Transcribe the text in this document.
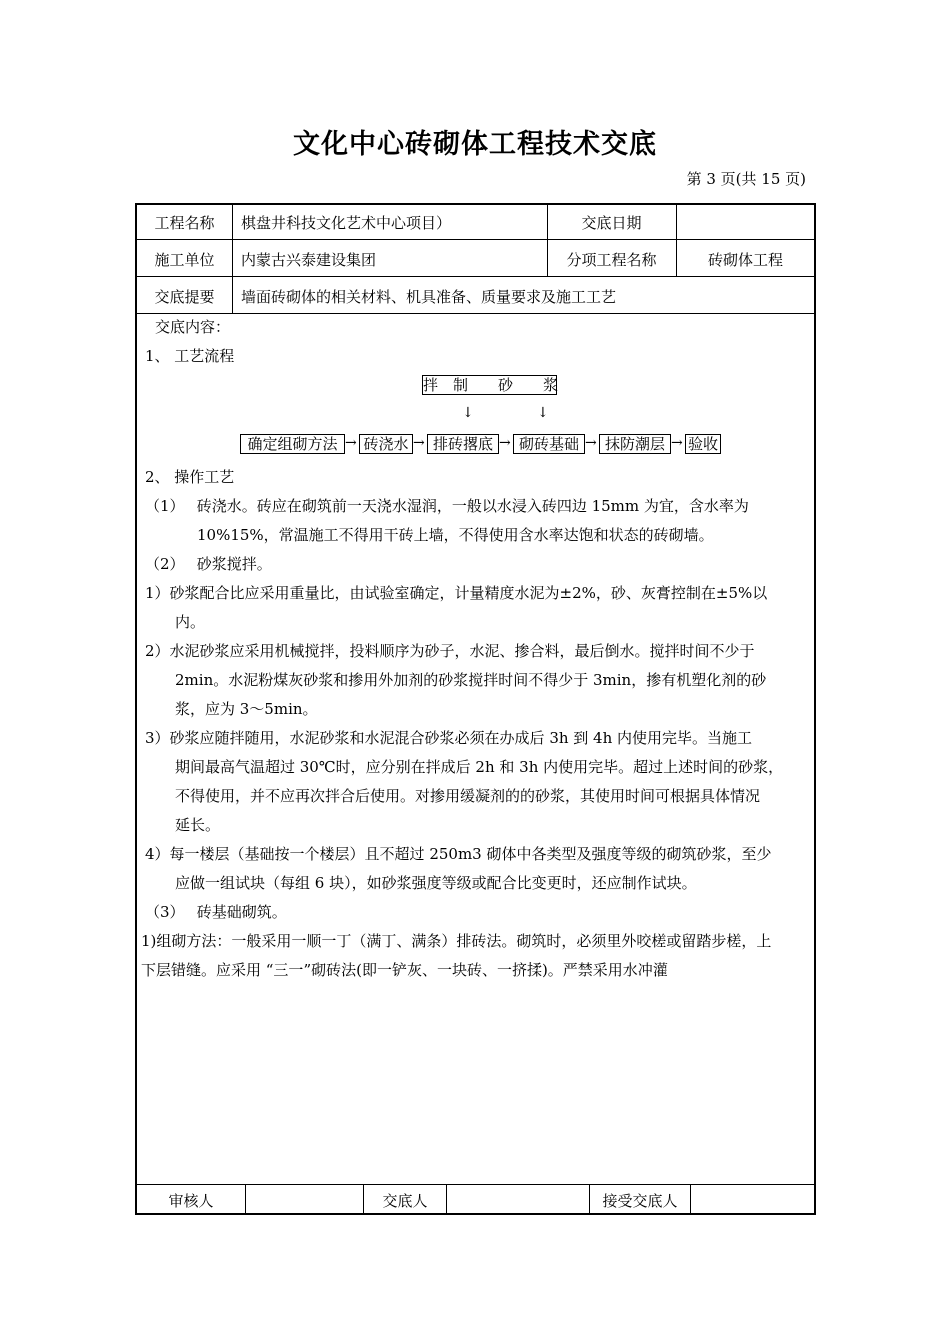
文化中心砖砌体工程技术交底
第 3 页(共 15 页)
工程名称	棋盘井科技文化艺术中心项目）	交底日期
施工单位	内蒙古兴泰建设集团	分项工程名称	砖砌体工程
交底提要	墙面砖砌体的相关材料、机具准备、质量要求及施工工艺
交底内容：
1、 工艺流程
拌　制　　砂　　浆
↓	↓
确定组砌方法 → 砖浇水 → 排砖撂底 → 砌砖基础 → 抹防潮层 → 验收
2、 操作工艺
（1）　 砖浇水。砖应在砌筑前一天浇水湿润，一般以水浸入砖四边 15mm 为宜，含水率为
10%15%，常温施工不得用干砖上墙，不得使用含水率达饱和状态的砖砌墙。
（2）　 砂浆搅拌。
1）砂浆配合比应采用重量比，由试验室确定，计量精度水泥为±2%，砂、灰膏控制在±5%以
内。
2）水泥砂浆应采用机械搅拌，投料顺序为砂子，水泥、掺合料，最后倒水。搅拌时间不少于
2min。水泥粉煤灰砂浆和掺用外加剂的砂浆搅拌时间不得少于 3min，掺有机塑化剂的砂
浆，应为 3～5min。
3）砂浆应随拌随用，水泥砂浆和水泥混合砂浆必须在办成后 3h 到 4h 内使用完毕。当施工
期间最高气温超过 30℃时，应分别在拌成后 2h 和 3h 内使用完毕。超过上述时间的砂浆，
不得使用，并不应再次拌合后使用。对掺用缓凝剂的的砂浆，其使用时间可根据具体情况
延长。
4）每一楼层（基础按一个楼层）且不超过 250m3 砌体中各类型及强度等级的砌筑砂浆，至少
应做一组试块（每组 6 块），如砂浆强度等级或配合比变更时，还应制作试块。
（3）　 砖基础砌筑。
1)组砌方法：一般采用一顺一丁（满丁、满条）排砖法。砌筑时，必须里外咬槎或留踏步槎，上
下层错缝。应采用 “三一”砌砖法(即一铲灰、一块砖、一挤揉)。严禁采用水冲灌
审核人	交底人	接受交底人
